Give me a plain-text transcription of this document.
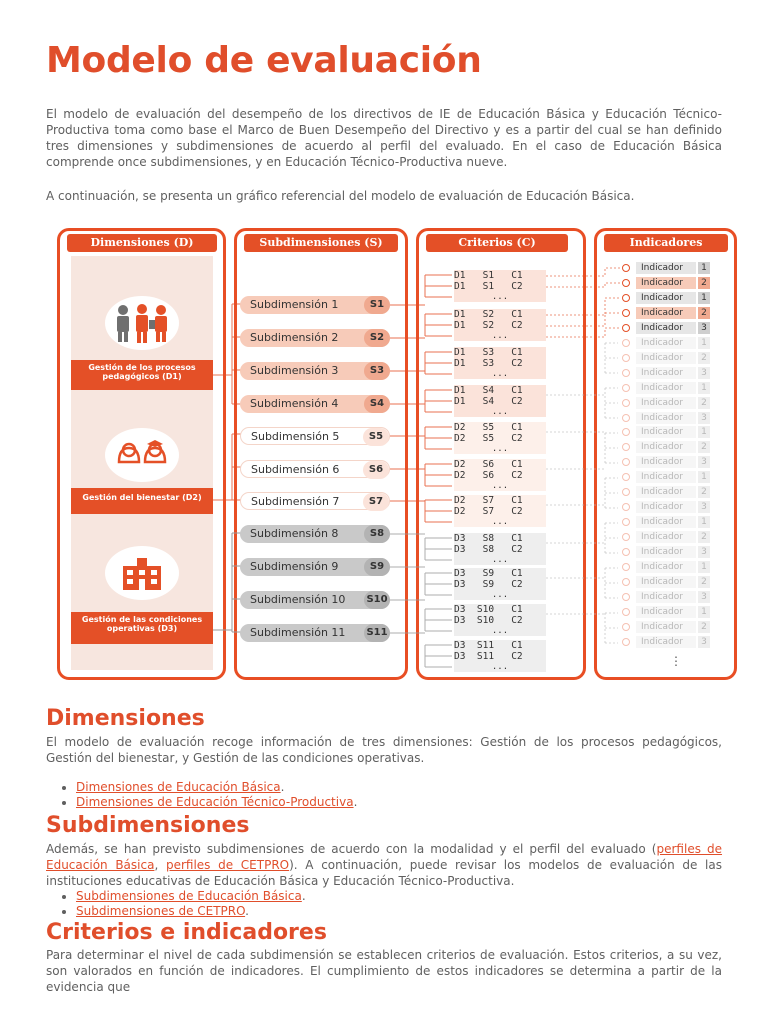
Modelo de evaluación

El modelo de evaluación del desempeño de los directivos de IE de Educación Básica y Educación Técnico-Productiva toma como base el Marco de Buen Desempeño del Directivo y es a partir del cual se han definido tres dimensiones y subdimensiones de acuerdo al perfil del evaluado. En el caso de Educación Básica comprende once subdimensiones, y en Educación Técnico-Productiva nueve.

A continuación, se presenta un gráfico referencial del modelo de evaluación de Educación Básica.

Dimensiones (D)	Subdimensiones (S)	Criterios (C)	Indicadores
Gestión de los procesos pedagógicos (D1)
Gestión del bienestar (D2)
Gestión de las condiciones operativas (D3)
Subdimensión 1	S1
Subdimensión 2	S2
Subdimensión 3	S3
Subdimensión 4	S4
Subdimensión 5	S5
Subdimensión 6	S6
Subdimensión 7	S7
Subdimensión 8	S8
Subdimensión 9	S9
Subdimensión 10 S10
Subdimensión 11 S11
D1   S1   C1
D1   S1   C2
...
D1   S2   C1
D1   S2   C2
...
D1   S3   C1
D1   S3   C2
...
D1   S4   C1
D1   S4   C2
...
D2   S5   C1
D2   S5   C2
...
D2   S6   C1
D2   S6   C2
...
D2   S7   C1
D2   S7   C2
...
D3   S8   C1
D3   S8   C2
...
D3   S9   C1
D3   S9   C2
...
D3  S10   C1
D3  S10   C2
...
D3  S11   C1
D3  S11   C2
...
Indicador	1
Indicador	2
Indicador	1
Indicador	2
Indicador	3
Indicador	1
Indicador	2
Indicador	3
Indicador	1
Indicador	2
Indicador	3
Indicador	1
Indicador	2
Indicador	3
Indicador	1
Indicador	2
Indicador	3
Indicador	1
Indicador	2
Indicador	3
Indicador	1
Indicador	2
Indicador	3
Indicador	1
Indicador	2
Indicador	3
⋮
Dimensiones

El modelo de evaluación recoge información de tres dimensiones: Gestión de los procesos pedagógicos, Gestión del bienestar, y Gestión de las condiciones operativas.

• Dimensiones de Educación Básica.
• Dimensiones de Educación Técnico-Productiva.
Subdimensiones

Además, se han previsto subdimensiones de acuerdo con la modalidad y el perfil del evaluado (perfiles de Educación Básica, perfiles de CETPRO). A continuación, puede revisar los modelos de evaluación de las instituciones educativas de Educación Básica y Educación Técnico-Productiva.

• Subdimensiones de Educación Básica.
• Subdimensiones de CETPRO.
Criterios e indicadores

Para determinar el nivel de cada subdimensión se establecen criterios de evaluación. Estos criterios, a su vez, son valorados en función de indicadores. El cumplimiento de estos indicadores se determina a partir de la evidencia que
